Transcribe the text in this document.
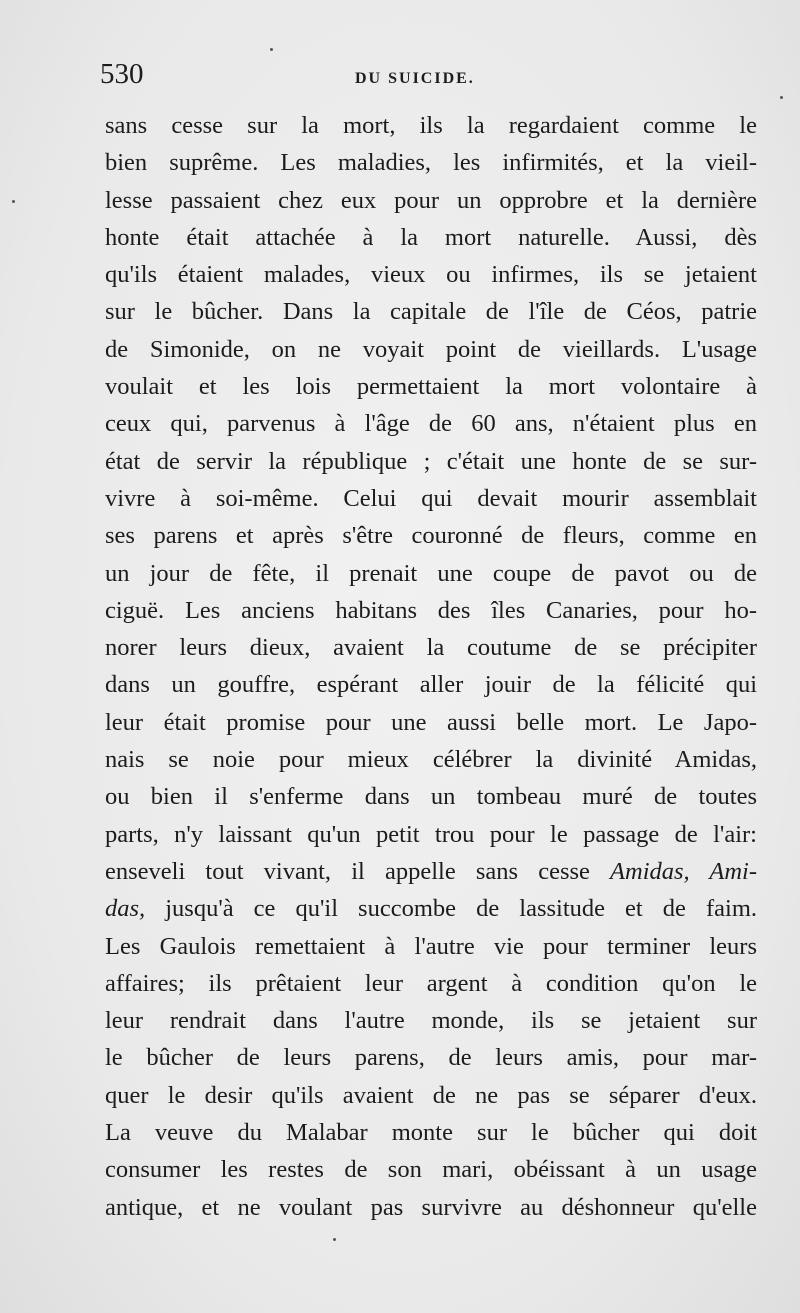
530	DU SUICIDE.
sans cesse sur la mort, ils la regardaient comme le
bien suprême. Les maladies, les infirmités, et la vieil-
lesse passaient chez eux pour un opprobre et la dernière
honte était attachée à la mort naturelle. Aussi, dès
qu'ils étaient malades, vieux ou infirmes, ils se jetaient
sur le bûcher. Dans la capitale de l'île de Céos, patrie
de Simonide, on ne voyait point de vieillards. L'usage
voulait et les lois permettaient la mort volontaire à
ceux qui, parvenus à l'âge de 60 ans, n'étaient plus en
état de servir la république ; c'était une honte de se sur-
vivre à soi-même. Celui qui devait mourir assemblait
ses parens et après s'être couronné de fleurs, comme en
un jour de fête, il prenait une coupe de pavot ou de
ciguë. Les anciens habitans des îles Canaries, pour ho-
norer leurs dieux, avaient la coutume de se précipiter
dans un gouffre, espérant aller jouir de la félicité qui
leur était promise pour une aussi belle mort. Le Japo-
nais se noie pour mieux célébrer la divinité Amidas,
ou bien il s'enferme dans un tombeau muré de toutes
parts, n'y laissant qu'un petit trou pour le passage de l'air:
enseveli tout vivant, il appelle sans cesse Amidas, Ami-
das, jusqu'à ce qu'il succombe de lassitude et de faim.
Les Gaulois remettaient à l'autre vie pour terminer leurs
affaires; ils prêtaient leur argent à condition qu'on le
leur rendrait dans l'autre monde, ils se jetaient sur
le bûcher de leurs parens, de leurs amis, pour mar-
quer le desir qu'ils avaient de ne pas se séparer d'eux.
La veuve du Malabar monte sur le bûcher qui doit
consumer les restes de son mari, obéissant à un usage
antique, et ne voulant pas survivre au déshonneur qu'elle
